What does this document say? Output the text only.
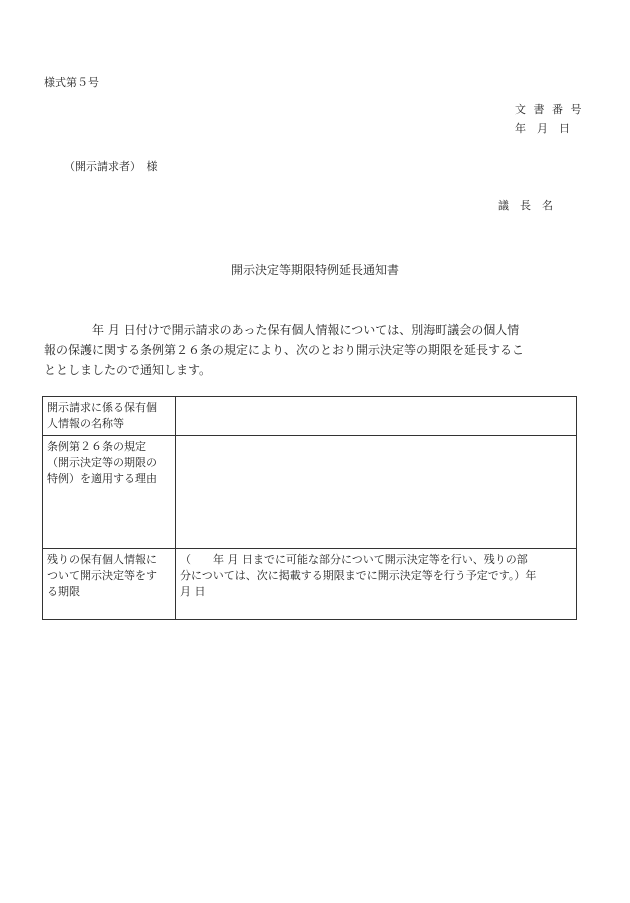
様式第５号
文 書 番 号
年　月　日
（開示請求者）　様
議　長　名
開示決定等期限特例延長通知書
　　　　年 月 日付けで開示請求のあった保有個人情報については、別海町議会の個人情
報の保護に関する条例第２６条の規定により、次のとおり開示決定等の期限を延長するこ
ととしましたので通知します。
開示請求に係る保有個
人情報の名称等	

条例第２６条の規定
（開示決定等の期限の
特例）を適用する理由	

残りの保有個人情報に
ついて開示決定等をす
る期限	（　　年 月 日までに可能な部分について開示決定等を行い、残りの部
分については、次に掲載する期限までに開示決定等を行う予定です。）年
月 日
